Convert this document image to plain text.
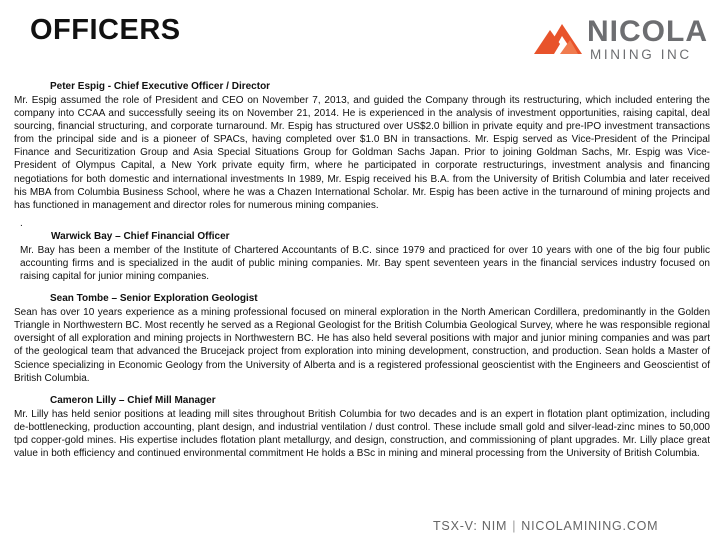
OFFICERS	NICOLA
MINING INC
Peter Espig - Chief Executive Officer / Director

Mr. Espig assumed the role of President and CEO on November 7, 2013, and guided the Company through its restructuring, which included entering the company into CCAA and successfully seeing its on November 21, 2014. He is experienced in the analysis of investment opportunities, raising capital, deal sourcing, financial structuring, and corporate turnaround. Mr. Espig has structured over US$2.0 billion in private equity and pre-IPO investment transactions from the principal side and is a pioneer of SPACs, having completed over $1.0 BN in transactions. Mr. Espig served as Vice-President of the Principal Finance and Securitization Group and Asia Special Situations Group for Goldman Sachs Japan. Prior to joining Goldman Sachs, Mr. Espig was Vice-President of Olympus Capital, a New York private equity firm, where he participated in corporate restructurings, investment analysis and financing negotiations for both domestic and international investments In 1989, Mr. Espig received his B.A. from the University of British Columbia and later received his MBA from Columbia Business School, where he was a Chazen International Scholar. Mr. Espig has been active in the turnaround of mining projects and has functioned in management and director roles for numerous mining companies.

.
Warwick Bay – Chief Financial Officer

Mr. Bay has been a member of the Institute of Chartered Accountants of B.C. since 1979 and practiced for over 10 years with one of the big four public accounting firms and is specialized in the audit of public mining companies. Mr. Bay spent seventeen years in the financial services industry focused on raising capital for junior mining companies.

Sean Tombe – Senior Exploration Geologist

Sean has over 10 years experience as a mining professional focused on mineral exploration in the North American Cordillera, predominantly in the Golden Triangle in Northwestern BC. Most recently he served as a Regional Geologist for the British Columbia Geological Survey, where he was responsible regional oversight of all exploration and mining projects in Northwestern BC. He has also held several positions with major and junior mining companies and was part of the geological team that advanced the Brucejack project from exploration into mining development, construction, and production. Sean holds a Master of Science specializing in Economic Geology from the University of Alberta and is a registered professional geoscientist with the Engineers and Geoscientist of British Columbia.

Cameron Lilly – Chief Mill Manager

Mr. Lilly has held senior positions at leading mill sites throughout British Columbia for two decades and is an expert in flotation plant optimization, including de-bottlenecking, production accounting, plant design, and industrial ventilation / dust control. These include small gold and silver-lead-zinc mines to 50,000 tpd copper-gold mines. His expertise includes flotation plant metallurgy, and design, construction, and commissioning of plant upgrades. Mr. Lilly place great value in both efficiency and continued environmental commitment He holds a BSc in mining and mineral processing from the University of British Columbia.

TSX-V: NIM | NICOLAMINING.COM
